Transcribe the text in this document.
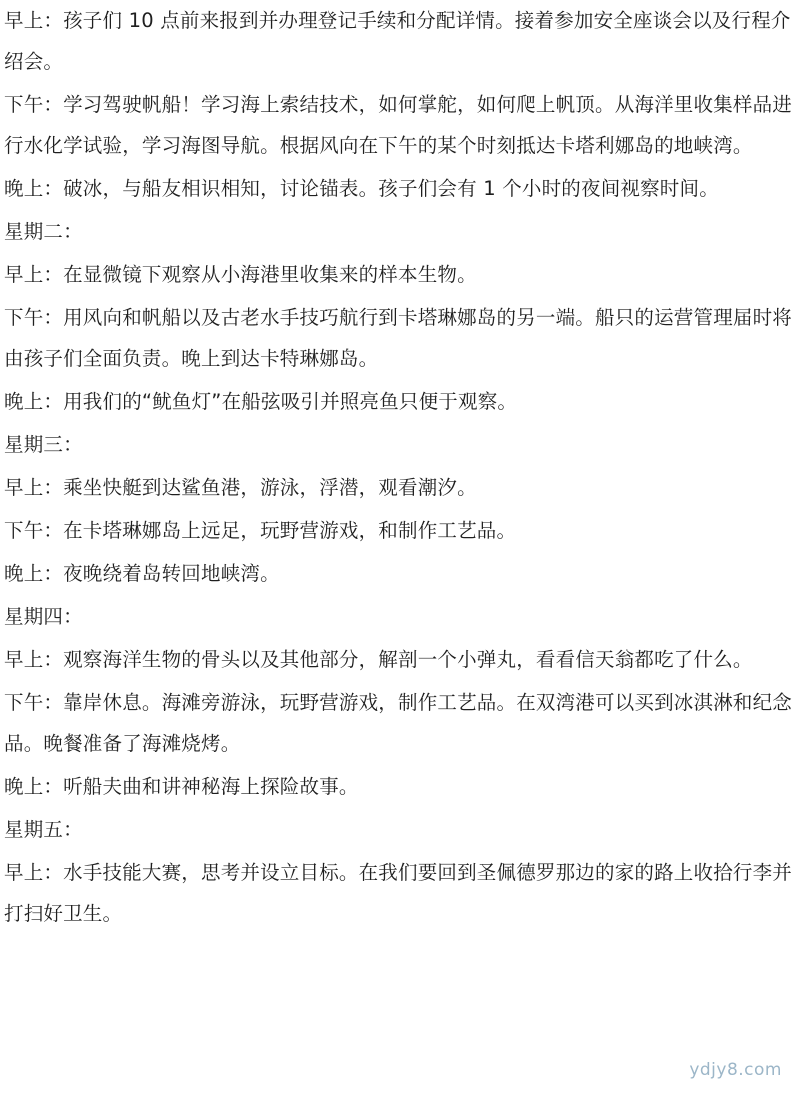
早上：孩子们 10 点前来报到并办理登记手续和分配详情。接着参加安全座谈会以及行程介绍会。

下午：学习驾驶帆船！学习海上索结技术，如何掌舵，如何爬上帆顶。从海洋里收集样品进行水化学试验，学习海图导航。根据风向在下午的某个时刻抵达卡塔利娜岛的地峡湾。

晚上：破冰，与船友相识相知，讨论锚表。孩子们会有 1 个小时的夜间视察时间。

星期二：

早上：在显微镜下观察从小海港里收集来的样本生物。

下午：用风向和帆船以及古老水手技巧航行到卡塔琳娜岛的另一端。船只的运营管理届时将由孩子们全面负责。晚上到达卡特琳娜岛。

晚上：用我们的“鱿鱼灯”在船弦吸引并照亮鱼只便于观察。

星期三：

早上：乘坐快艇到达鲨鱼港，游泳，浮潜，观看潮汐。

下午：在卡塔琳娜岛上远足，玩野营游戏，和制作工艺品。

晚上：夜晚绕着岛转回地峡湾。

星期四：

早上：观察海洋生物的骨头以及其他部分，解剖一个小弹丸，看看信天翁都吃了什么。

下午：靠岸休息。海滩旁游泳，玩野营游戏，制作工艺品。在双湾港可以买到冰淇淋和纪念品。晚餐准备了海滩烧烤。

晚上：听船夫曲和讲神秘海上探险故事。

星期五：

早上：水手技能大赛，思考并设立目标。在我们要回到圣佩德罗那边的家的路上收拾行李并打扫好卫生。

ydjy8.com
